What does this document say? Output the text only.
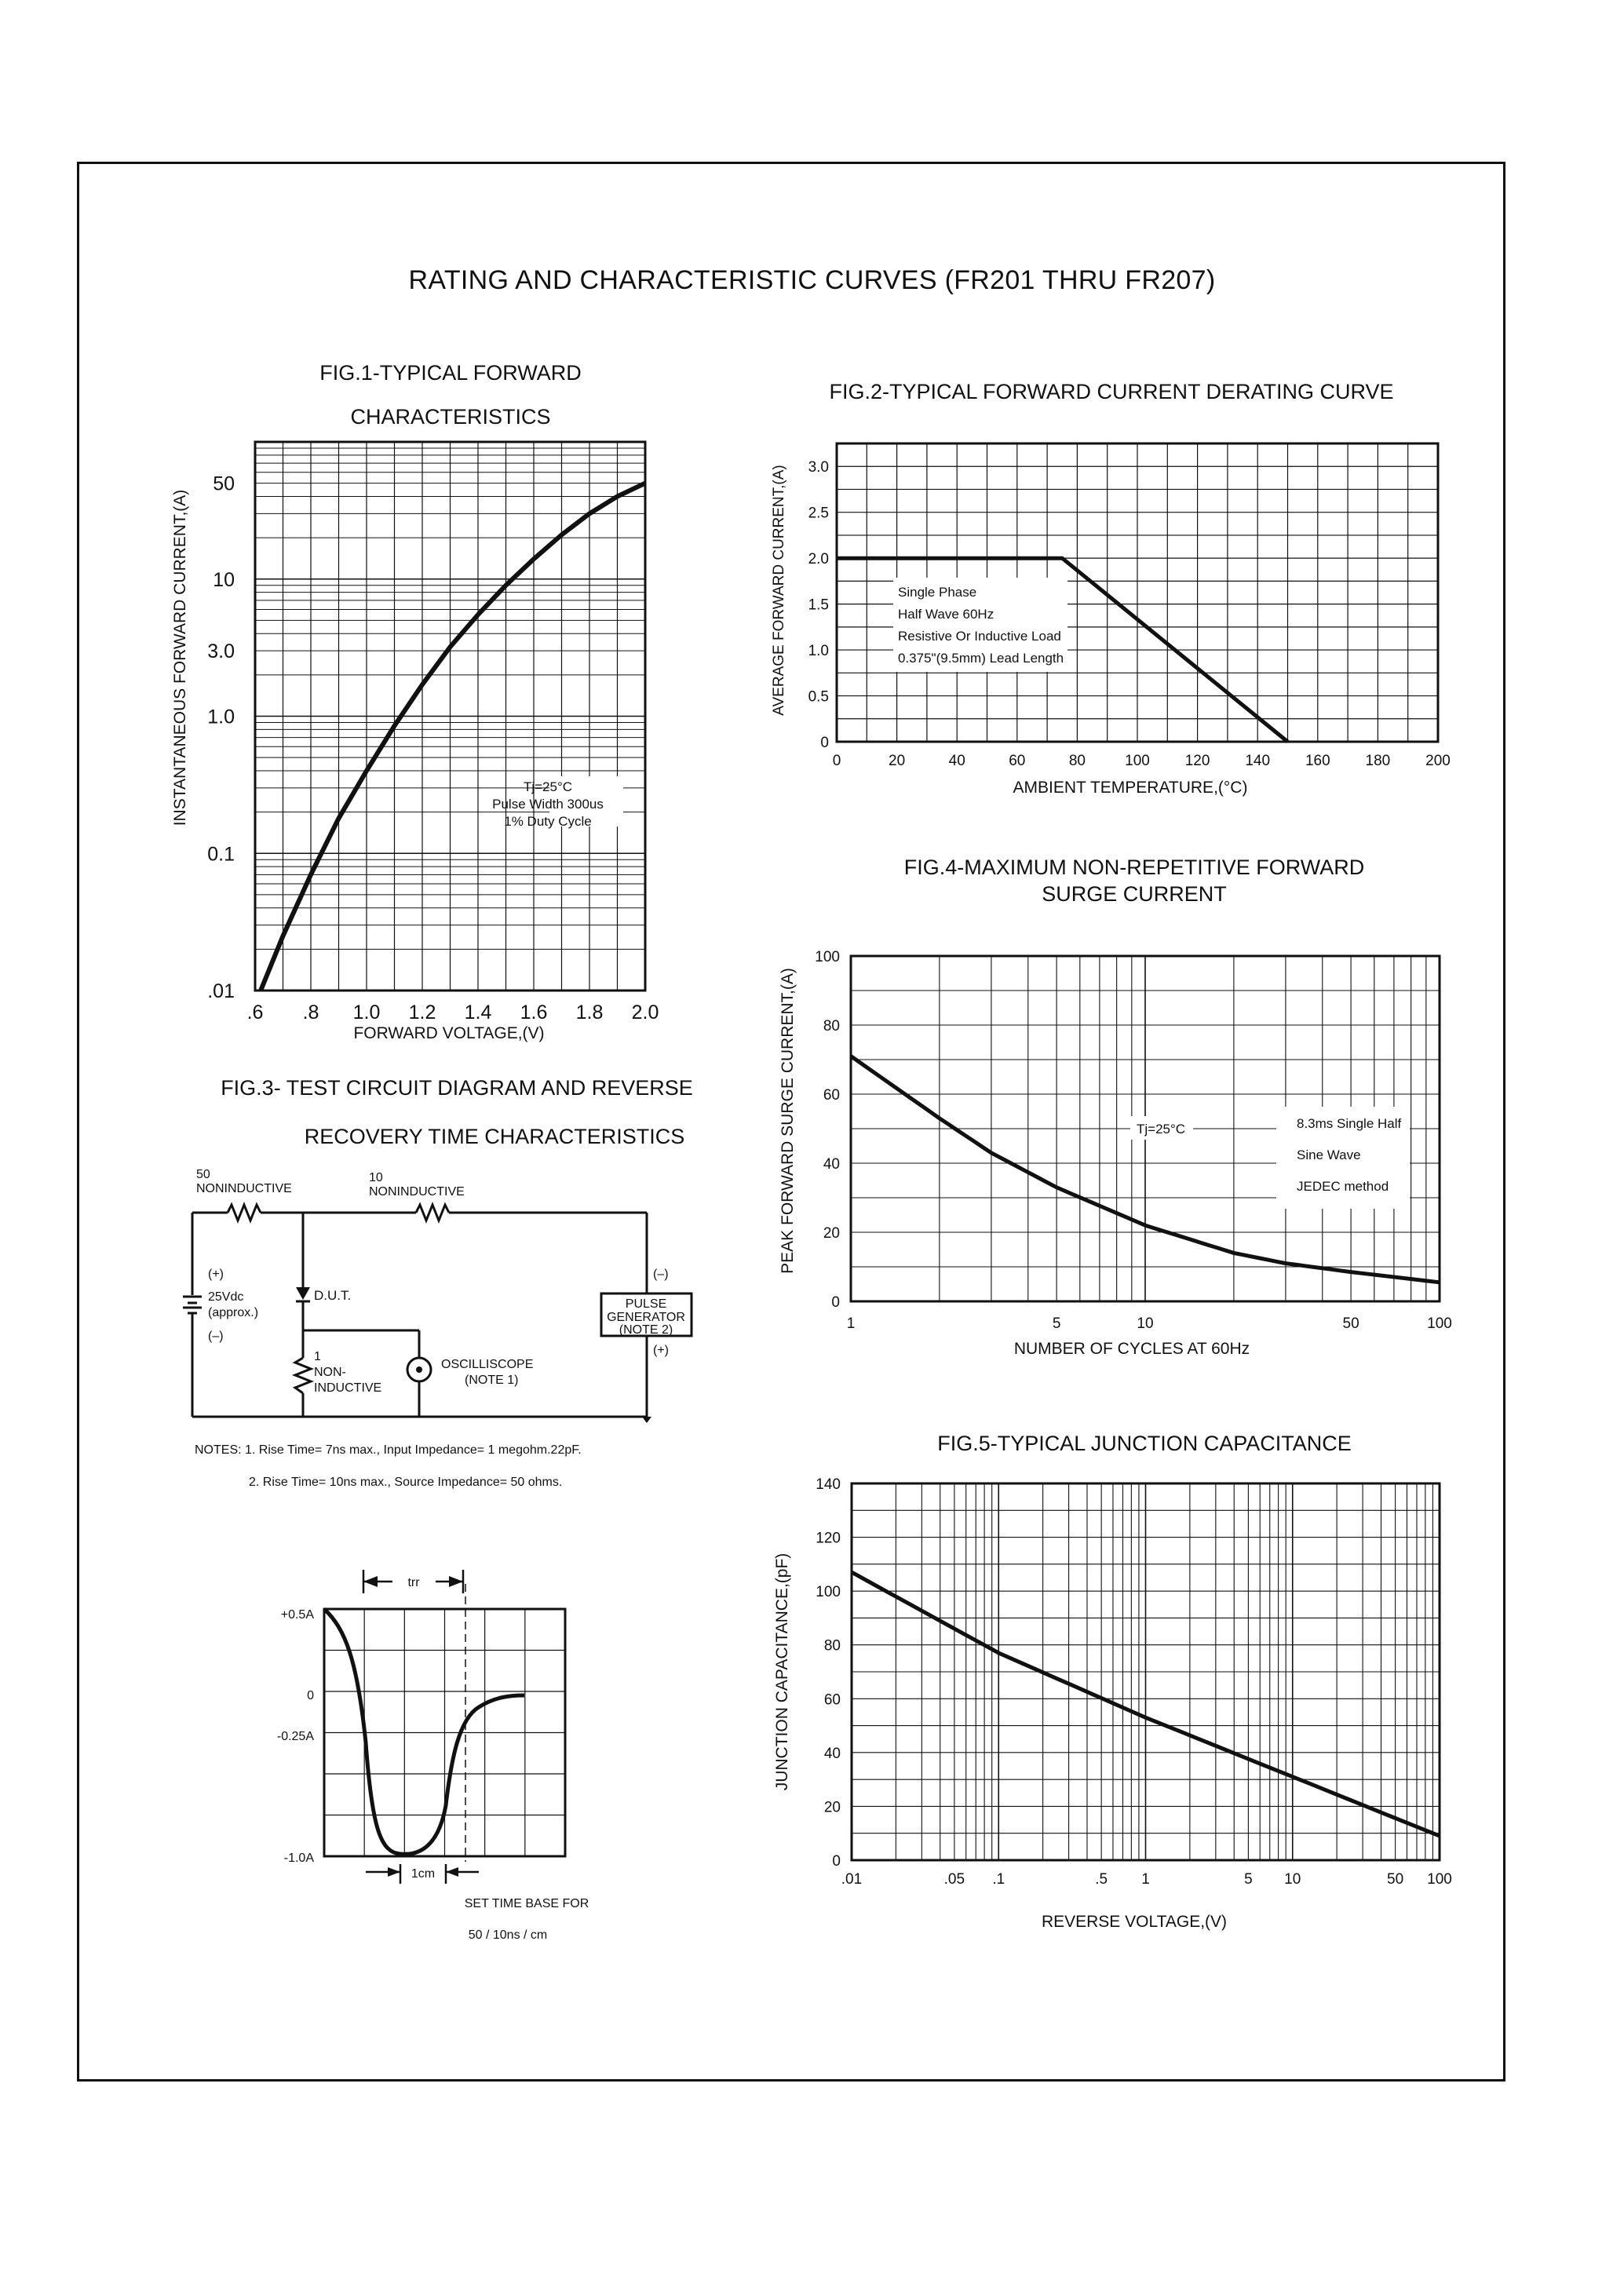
RATING AND CHARACTERISTIC CURVES (FR201 THRU FR207)
FIG.1-TYPICAL FORWARD
CHARACTERISTICS
.6 .8 1.0 1.2 1.4 1.6 1.8 2.0
50
10
3.0
1.0
0.1
.01
INSTANTANEOUS FORWARD CURRENT,(A)
FORWARD VOLTAGE,(V)
Tj=25°C
Pulse Width 300us
1% Duty Cycle
FIG.2-TYPICAL FORWARD CURRENT DERATING CURVE
0	20	40	60	80	100 120 140 160 180 200
0
0.5
1.0
1.5
2.0
2.5
3.0
AVERAGE FORWARD CURRENT,(A)
AMBIENT TEMPERATURE,(°C)
Single Phase
Half Wave 60Hz
Resistive Or Inductive Load
0.375"(9.5mm) Lead Length
FIG.3- TEST CIRCUIT DIAGRAM AND REVERSE
RECOVERY TIME CHARACTERISTICS
50
NONINDUCTIVE
10
NONINDUCTIVE
(+)
25Vdc
(approx.)
(–)
D.U.T.
1
NON-
INDUCTIVE
OSCILLISCOPE
(NOTE 1)
(–)
PULSE
GENERATOR
(NOTE 2)
(+)
NOTES: 1. Rise Time= 7ns max., Input Impedance= 1 megohm.22pF.
2. Rise Time= 10ns max., Source Impedance= 50 ohms.
trr
+0.5A
0
-0.25A
-1.0A
1cm
SET TIME BASE FOR
50 / 10ns / cm
FIG.4-MAXIMUM NON-REPETITIVE FORWARD
SURGE CURRENT
1	5	10	50	100
0
20
40
60
80
100
PEAK FORWARD SURGE CURRENT,(A)
NUMBER OF CYCLES AT 60Hz
Tj=25°C	8.3ms Single Half
Sine Wave
JEDEC method
FIG.5-TYPICAL JUNCTION CAPACITANCE
.01	.05 .1	.5 1	5 10	50 100
0
20
40
60
80
100
120
140
JUNCTION CAPACITANCE,(pF)
REVERSE VOLTAGE,(V)
